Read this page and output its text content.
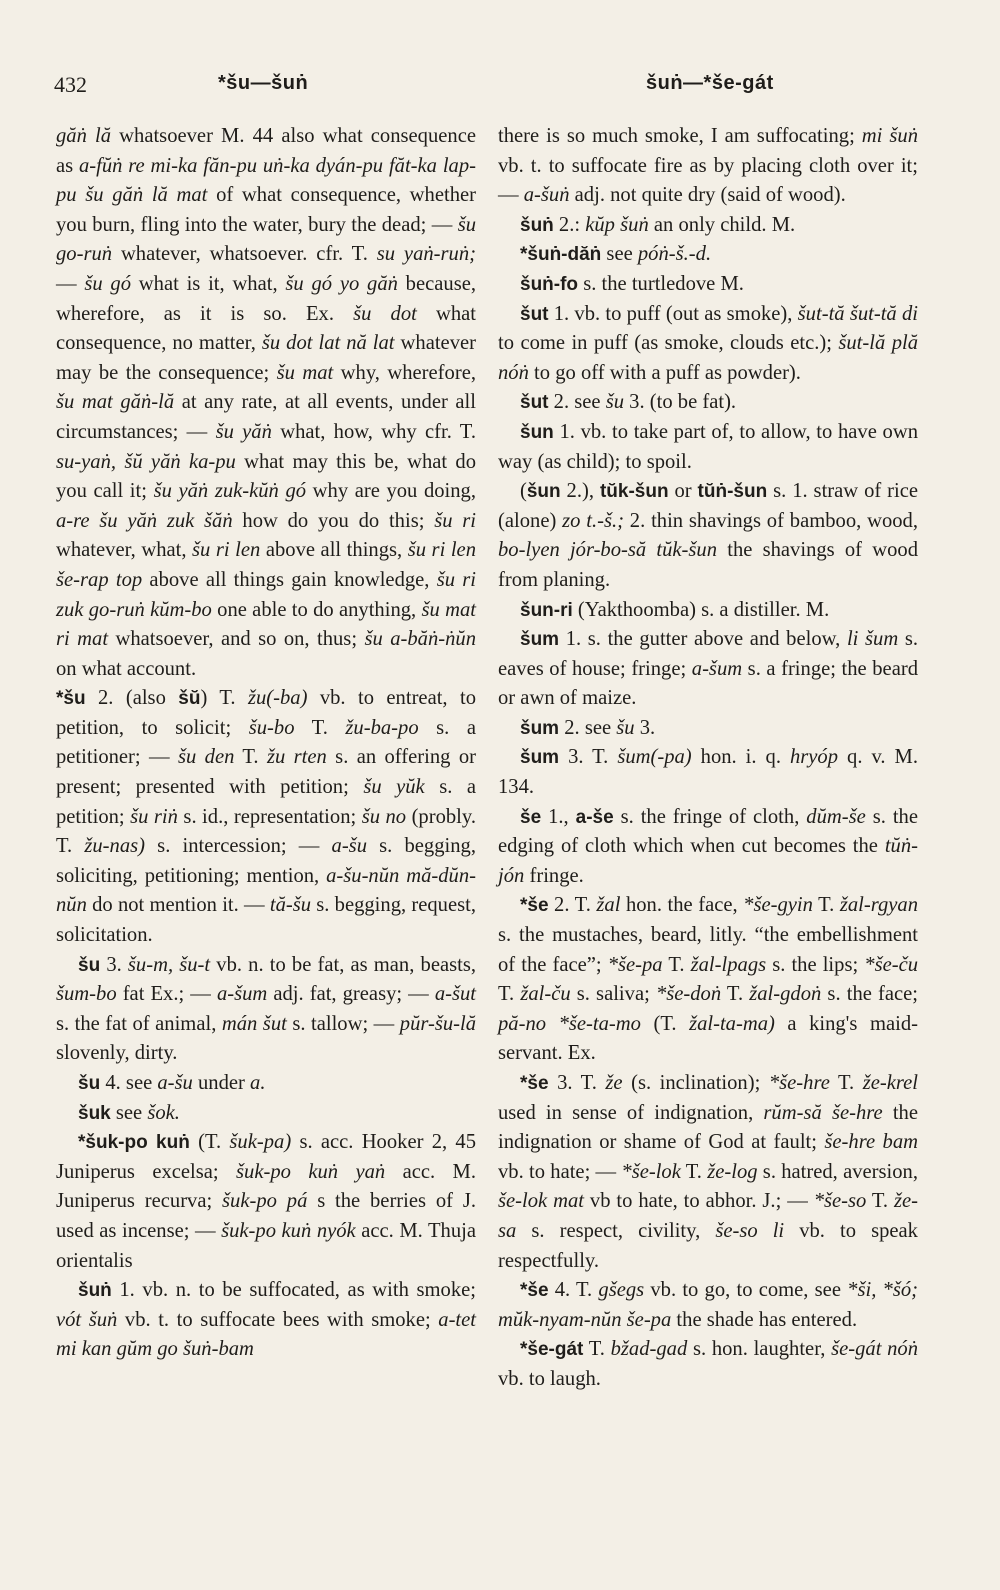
432	*šu—šuṅ	šuṅ—*še-gát

găṅ lă whatsoever M. 44 also what consequence as a-fŭṅ re mi-ka făn-pu uṅ-ka dyán-pu făt-ka lap-pu šu găṅ lă mat of what consequence, whether you burn, fling into the water, bury the dead; — šu go-ruṅ whatever, whatsoever. cfr. T. su yaṅ-ruṅ; — šu gó what is it, what, šu gó yo găṅ because, wherefore, as it is so. Ex. šu dot what consequence, no matter, šu dot lat nă lat whatever may be the consequence; šu mat why, wherefore, šu mat găṅ-lă at any rate, at all events, under all circumstances; — šu yăṅ what, how, why cfr. T. su-yaṅ, šŭ yăṅ ka-pu what may this be, what do you call it; šu yăṅ zuk-kŭṅ gó why are you doing, a-re šu yăṅ zuk šăṅ how do you do this; šu ri whatever, what, šu ri len above all things, šu ri len še-rap top above all things gain knowledge, šu ri zuk go-ruṅ kŭm-bo one able to do anything, šu mat ri mat whatsoever, and so on, thus; šu a-băṅ-ṅŭn on what account.

*šu 2. (also šŭ) T. žu(-ba) vb. to entreat, to petition, to solicit; šu-bo T. žu-ba-po s. a petitioner; — šu den T. žu rten s. an offering or present; presented with petition; šu yŭk s. a petition; šu riṅ s. id., representation; šu no (probly. T. žu-nas) s. intercession; — a-šu s. begging, soliciting, petitioning; mention, a-šu-nŭn mă-dŭn-nŭn do not mention it. — tă-šu s. begging, request, solicitation.

šu 3. šu-m, šu-t vb. n. to be fat, as man, beasts, šum-bo fat Ex.; — a-šum adj. fat, greasy; — a-šut s. the fat of animal, mán šut s. tallow; — pŭr-šu-lă slovenly, dirty.

šu 4. see a-šu under a.

šuk see šok.

*šuk-po kuṅ (T. šuk-pa) s. acc. Hooker 2, 45 Juniperus excelsa; šuk-po kuṅ yaṅ acc. M. Juniperus recurva; šuk-po pá s the berries of J. used as incense; — šuk-po kuṅ nyók acc. M. Thuja orientalis

šuṅ 1. vb. n. to be suffocated, as with smoke; vót šuṅ vb. t. to suffocate bees with smoke; a-tet mi kan gŭm go šuṅ-bam

there is so much smoke, I am suffocating; mi šuṅ vb. t. to suffocate fire as by placing cloth over it; — a-šuṅ adj. not quite dry (said of wood).

šuṅ 2.: kŭp šuṅ an only child. M.

*šuṅ-dăṅ see póṅ-š.-d.

šuṅ-fo s. the turtledove M.

šut 1. vb. to puff (out as smoke), šut-tă šut-tă di to come in puff (as smoke, clouds etc.); šut-lă plă nóṅ to go off with a puff as powder).

šut 2. see šu 3. (to be fat).

šun 1. vb. to take part of, to allow, to have own way (as child); to spoil.

(šun 2.), tŭk-šun or tŭṅ-šun s. 1. straw of rice (alone) zo t.-š.; 2. thin shavings of bamboo, wood, bo-lyen jór-bo-să tŭk-šun the shavings of wood from planing.

šun-ri (Yakthoomba) s. a distiller. M.

šum 1. s. the gutter above and below, li šum s. eaves of house; fringe; a-šum s. a fringe; the beard or awn of maize.

šum 2. see šu 3.

šum 3. T. šum(-pa) hon. i. q. hryóp q. v. M. 134.

še 1., a-še s. the fringe of cloth, dŭm-še s. the edging of cloth which when cut becomes the tŭṅ-jón fringe.

*še 2. T. žal hon. the face, *še-gyin T. žal-rgyan s. the mustaches, beard, litly. “the embellishment of the face”; *še-pa T. žal-lpags s. the lips; *še-ču T. žal-ču s. saliva; *še-doṅ T. žal-gdoṅ s. the face; pă-no *še-ta-mo (T. žal-ta-ma) a king's maid-servant. Ex.

*še 3. T. že (s. inclination); *še-hre T. že-krel used in sense of indignation, rŭm-să še-hre the indignation or shame of God at fault; še-hre bam vb. to hate; — *še-lok T. že-log s. hatred, aversion, še-lok mat vb to hate, to abhor. J.; — *še-so T. že-sa s. respect, civility, še-so li vb. to speak respectfully.

*še 4. T. gšegs vb. to go, to come, see *ši, *šó; mŭk-nyam-nŭn še-pa the shade has entered.

*še-gát T. bžad-gad s. hon. laughter, še-gát nóṅ vb. to laugh.
